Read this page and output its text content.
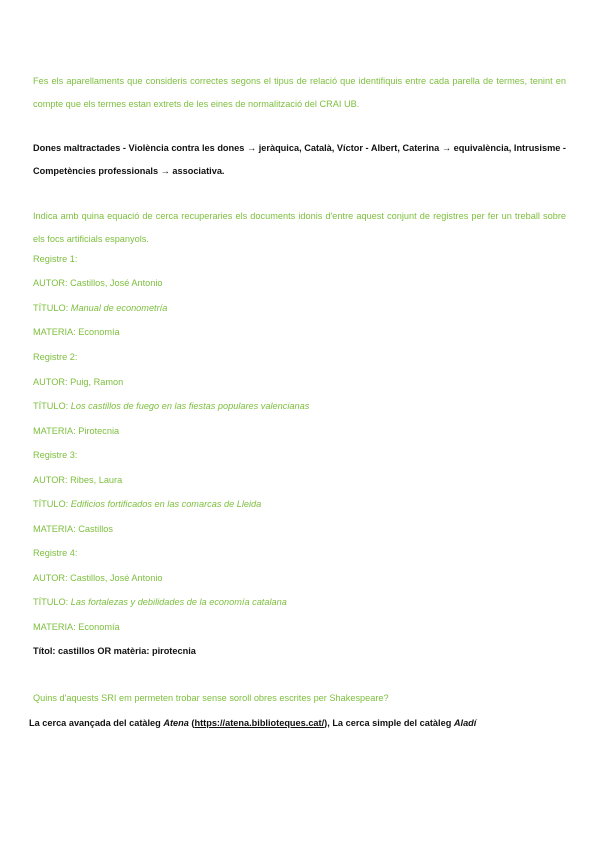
Fes els aparellaments que consideris correctes segons el tipus de relació que identifiquis entre cada parella de termes, tenint en compte que els termes estan extrets de les eines de normalització del CRAI UB.
Dones maltractades - Violència contra les dones → jeràquica, Català, Víctor - Albert, Caterina → equivalència, Intrusisme - Competències professionals → associativa.
Indica amb quina equació de cerca recuperaries els documents idonis d'entre aquest conjunt de registres per fer un treball sobre els focs artificials espanyols.
Registre 1:
AUTOR: Castillos, José Antonio
TÍTULO: Manual de econometría
MATERIA: Economía
Registre 2:
AUTOR: Puig, Ramon
TÍTULO: Los castillos de fuego en las fiestas populares valencianas
MATERIA: Pirotecnia
Registre 3:
AUTOR: Ribes, Laura
TÍTULO: Edificios fortificados en las comarcas de Lleida
MATERIA: Castillos
Registre 4:
AUTOR: Castillos, José Antonio
TÍTULO: Las fortalezas y debilidades de la economía catalana
MATERIA: Economía
Títol: castillos OR matèria: pirotecnia
Quins d'aquests SRI em permeten trobar sense soroll obres escrites per Shakespeare?
La cerca avançada del catàleg Atena (https://atena.biblioteques.cat/), La cerca simple del catàleg Aladí
